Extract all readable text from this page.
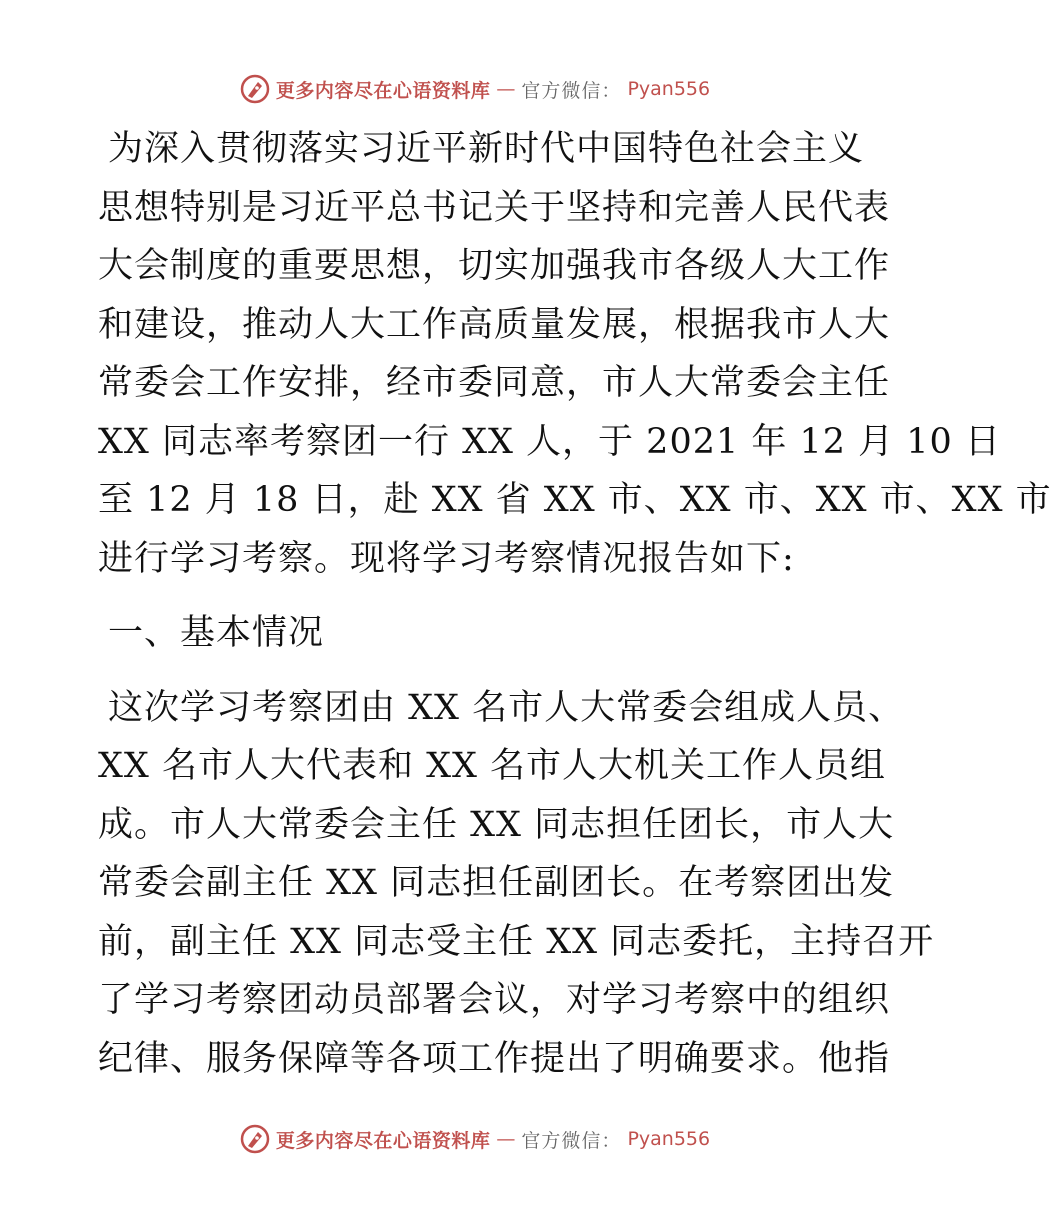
更多内容尽在心语资料库 — 官方微信： Pyan556
为深入贯彻落实习近平新时代中国特色社会主义
思想特别是习近平总书记关于坚持和完善人民代表
大会制度的重要思想，切实加强我市各级人大工作
和建设，推动人大工作高质量发展，根据我市人大
常委会工作安排，经市委同意，市人大常委会主任
XX 同志率考察团一行 XX 人，于 2021 年 12 月 10 日
至 12 月 18 日，赴 XX 省 XX 市、XX 市、XX 市、XX 市
进行学习考察。现将学习考察情况报告如下:
一、基本情况
这次学习考察团由 XX 名市人大常委会组成人员、
XX 名市人大代表和 XX 名市人大机关工作人员组
成。市人大常委会主任 XX 同志担任团长，市人大
常委会副主任 XX 同志担任副团长。在考察团出发
前，副主任 XX 同志受主任 XX 同志委托，主持召开
了学习考察团动员部署会议，对学习考察中的组织
纪律、服务保障等各项工作提出了明确要求。他指
更多内容尽在心语资料库 — 官方微信： Pyan556
